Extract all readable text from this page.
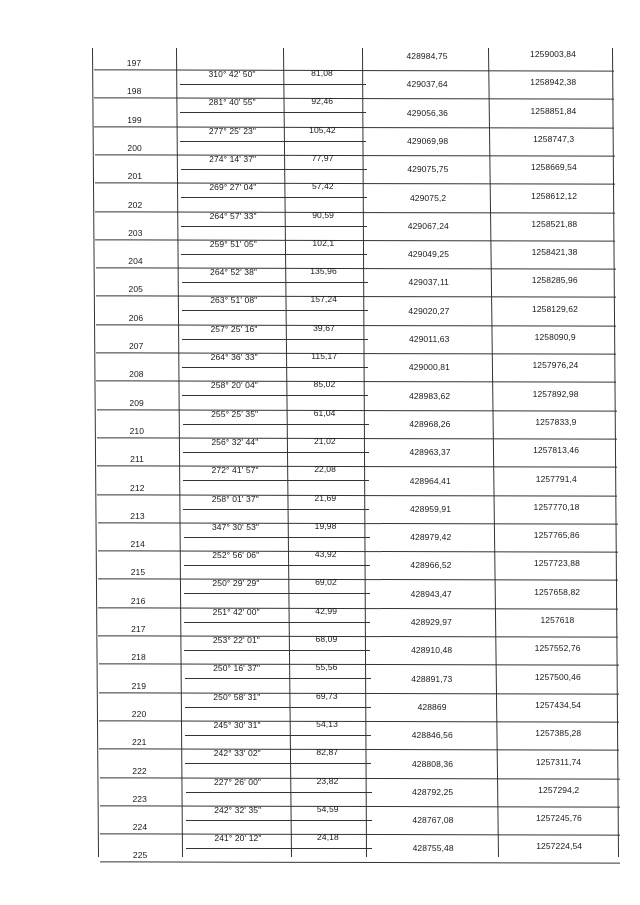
197
428984,75	1259003,84
310° 42' 50"	81,08
198
429037,64	1258942,38
281° 40' 55"	92,46
199
429056,36	1258851,84
277° 25' 23"	105,42
200
429069,98	1258747,3
274° 14' 37"	77,97
201
429075,75	1258669,54
269° 27' 04"	57,42
202
429075,2	1258612,12
264° 57' 33"	90,59
203
429067,24	1258521,88
259° 51' 05"	102,1
204
429049,25	1258421,38
264° 52' 38"	135,96
205
429037,11	1258285,96
263° 51' 08"	157,24
206
429020,27	1258129,62
257° 25' 16"	39,67
207
429011,63	1258090,9
264° 36' 33"	115,17
208
429000,81	1257976,24
258° 20' 04"	85,02
209
428983,62	1257892,98
255° 25' 35"	61,04
210
428968,26	1257833,9
256° 32' 44"	21,02
211
428963,37	1257813,46
272° 41' 57"	22,08
212
428964,41	1257791,4
258° 01' 37"	21,69
213
428959,91	1257770,18
347° 30' 53"	19,98
214
428979,42	1257765,86
252° 56' 06"	43,92
215
428966,52	1257723,88
250° 29' 29"	69,02
216
428943,47	1257658,82
251° 42' 00"	42,99
217
428929,97	1257618
253° 22' 01"	68,09
218
428910,48	1257552,76
250° 16' 37"	55,56
219
428891,73	1257500,46
250° 58' 31"	69,73
220
428869	1257434,54
245° 30' 31"	54,13
221
428846,56	1257385,28
242° 33' 02"	82,87
222
428808,36	1257311,74
227° 26' 00"	23,82
223
428792,25	1257294,2
242° 32' 35"	54,59
224
428767,08	1257245,76
241° 20' 12"	24,18
225
428755,48	1257224,54
